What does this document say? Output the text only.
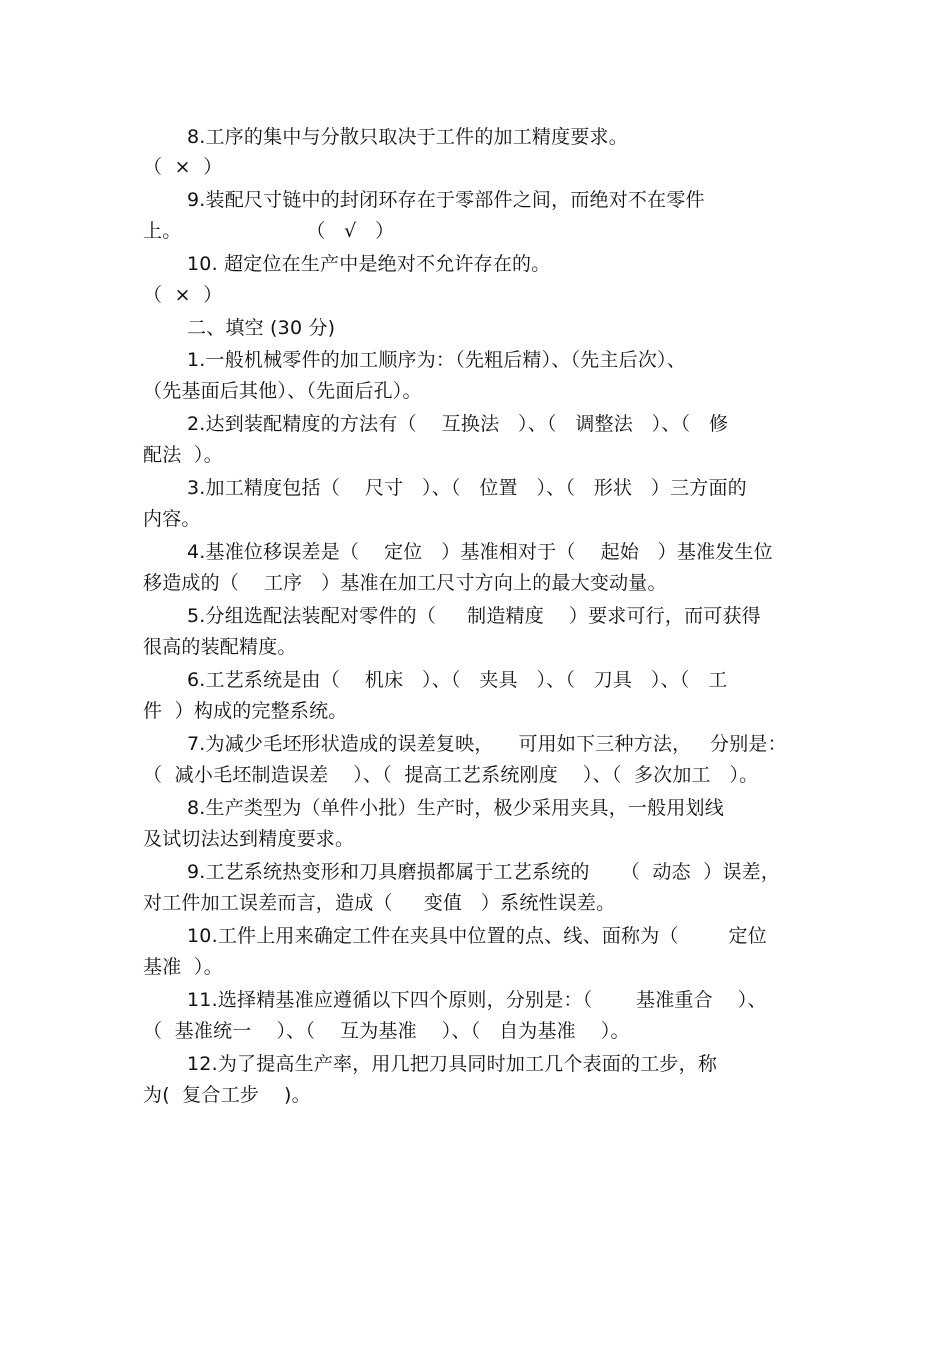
8.工序的集中与分散只取决于工件的加工精度要求。
（  ×  ）
9.装配尺寸链中的封闭环存在于零部件之间，而绝对不在零件
上。                    （   √   ）
10. 超定位在生产中是绝对不允许存在的。
（  ×  ）
二、填空 (30 分)
1.一般机械零件的加工顺序为：（先粗后精）、（先主后次）、
（先基面后其他）、（先面后孔）。
2.达到装配精度的方法有（    互换法   ）、（   调整法   ）、（   修
配法  ）。
3.加工精度包括（    尺寸   ）、（   位置   ）、（   形状   ）三方面的
内容。
4.基准位移误差是（    定位   ）基准相对于（    起始   ）基准发生位
移造成的（    工序   ）基准在加工尺寸方向上的最大变动量。
5.分组选配法装配对零件的（     制造精度    ）要求可行，而可获得
很高的装配精度。
6.工艺系统是由（    机床   ）、（   夹具   ）、（   刀具   ）、（   工
件  ）构成的完整系统。
7.为减少毛坯形状造成的误差复映，    可用如下三种方法，   分别是：
（  减小毛坯制造误差    ）、（  提高工艺系统刚度    ）、（  多次加工   ）。
8.生产类型为（单件小批）生产时，极少采用夹具，一般用划线
及试切法达到精度要求。
9.工艺系统热变形和刀具磨损都属于工艺系统的     （  动态  ）误差，
对工件加工误差而言，造成（     变值   ）系统性误差。
10.工件上用来确定工件在夹具中位置的点、线、面称为（        定位
基准  ）。
11.选择精基准应遵循以下四个原则，分别是：（       基准重合    ）、
（  基准统一    ）、（    互为基准    ）、（   自为基准    ）。
12.为了提高生产率，用几把刀具同时加工几个表面的工步，称
为(  复合工步    )。
